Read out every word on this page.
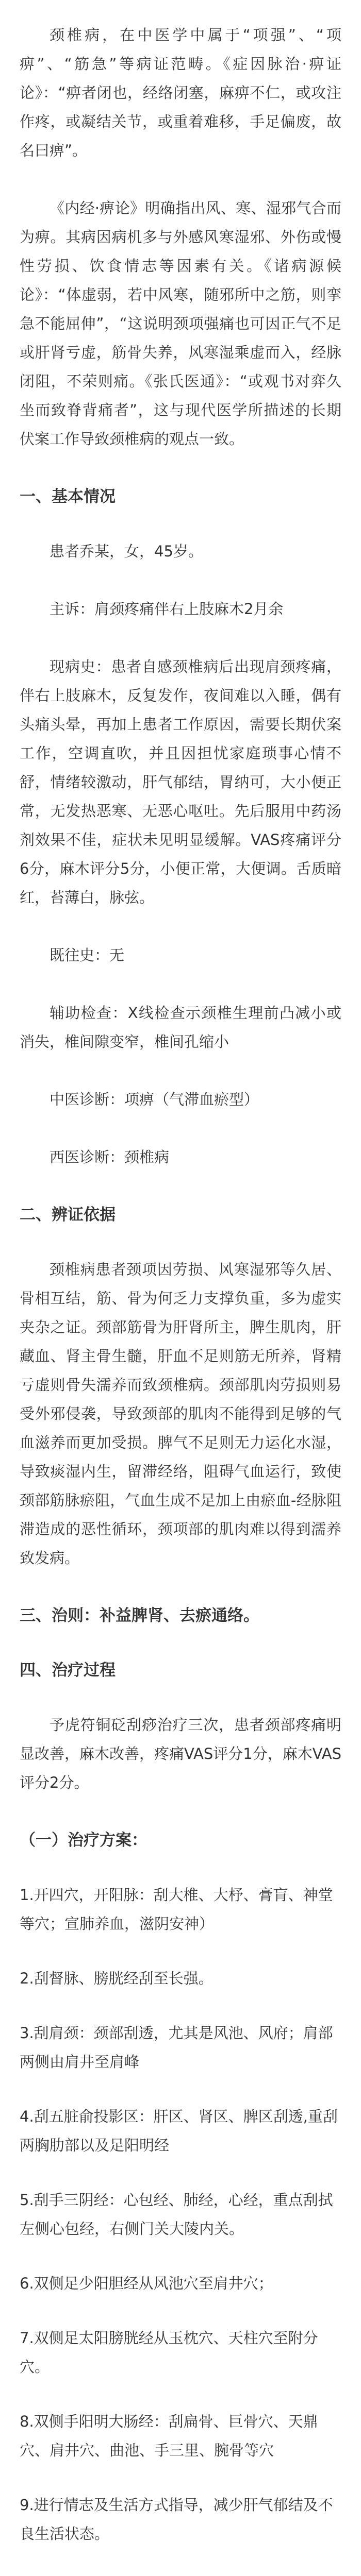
颈椎病，在中医学中属于“项强”、“项痹”、“筋急”等病证范畴。《症因脉治·痹证论》：“痹者闭也，经络闭塞，麻痹不仁，或攻注作疼，或凝结关节，或重着难移，手足偏废，故名曰痹”。

《内经·痹论》明确指出风、寒、湿邪气合而为痹。其病因病机多与外感风寒湿邪、外伤或慢性劳损、饮食情志等因素有关。《诸病源候论》：“体虚弱，若中风寒，随邪所中之筋，则挛急不能屈伸”，“这说明颈项强痛也可因正气不足或肝肾亏虚，筋骨失养，风寒湿乘虚而入，经脉闭阻，不荣则痛。《张氏医通》：“或观书对弈久坐而致脊背痛者”，这与现代医学所描述的长期伏案工作导致颈椎病的观点一致。

一、基本情况

患者乔某，女，45岁。

主诉：肩颈疼痛伴右上肢麻木2月余

现病史：患者自感颈椎病后出现肩颈疼痛，伴右上肢麻木，反复发作，夜间难以入睡，偶有头痛头晕，再加上患者工作原因，需要长期伏案工作，空调直吹，并且因担忧家庭琐事心情不舒，情绪较激动，肝气郁结，胃纳可，大小便正常，无发热恶寒、无恶心呕吐。先后服用中药汤剂效果不佳，症状未见明显缓解。VAS疼痛评分6分，麻木评分5分，小便正常，大便调。舌质暗红，苔薄白，脉弦。

既往史：无

辅助检查：X线检查示颈椎生理前凸减小或消失，椎间隙变窄，椎间孔缩小

中医诊断：项痹（气滞血瘀型）

西医诊断：颈椎病

二、辨证依据

颈椎病患者颈项因劳损、风寒湿邪等久居、骨相互结，筋、骨为何乏力支撑负重，多为虚实夹杂之证。颈部筋骨为肝肾所主，脾生肌肉，肝藏血、肾主骨生髓，肝血不足则筋无所养，肾精亏虚则骨失濡养而致颈椎病。颈部肌肉劳损则易受外邪侵袭，导致颈部的肌肉不能得到足够的气血滋养而更加受损。脾气不足则无力运化水湿，导致痰湿内生，留滞经络，阻碍气血运行，致使颈部筋脉瘀阻，气血生成不足加上由瘀血-经脉阻滞造成的恶性循环，颈项部的肌肉难以得到濡养致发病。

三、治则：补益脾肾、去瘀通络。
四、治疗过程

予虎符铜砭刮痧治疗三次，患者颈部疼痛明显改善，麻木改善，疼痛VAS评分1分，麻木VAS评分2分。

（一）治疗方案：
1.开四穴，开阳脉：刮大椎、大杼、膏肓、神堂等穴；宣肺养血，滋阴安神）
2.刮督脉、膀胱经刮至长强。
3.刮肩颈：颈部刮透，尤其是风池、风府；肩部两侧由肩井至肩峰
4.刮五脏俞投影区：肝区、肾区、脾区刮透,重刮两胸肋部以及足阳明经
5.刮手三阴经：心包经、肺经，心经，重点刮拭左侧心包经，右侧门关大陵内关。
6.双侧足少阳胆经从风池穴至肩井穴；
7.双侧足太阳膀胱经从玉枕穴、天柱穴至附分穴。
8.双侧手阳明大肠经：刮扁骨、巨骨穴、天鼎穴、肩井穴、曲池、手三里、腕骨等穴
9.进行情志及生活方式指导，减少肝气郁结及不良生活状态。
